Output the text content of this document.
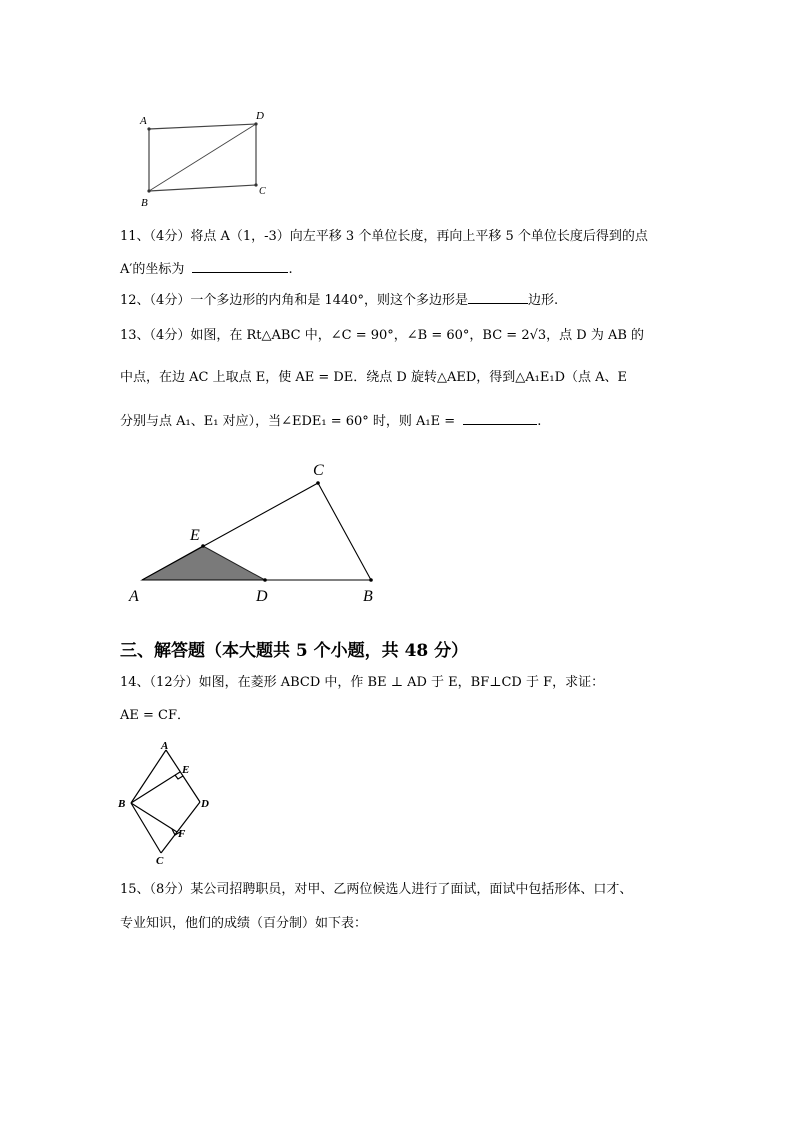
A	D
C
B
11、（4分）将点 A（1，-3）向左平移 3 个单位长度，再向上平移 5 个单位长度后得到的点
A′的坐标为	.
12、（4分）一个多边形的内角和是 1440°，则这个多边形是	边形.
13、（4分）如图，在 Rt△ABC 中，∠C = 90°，∠B = 60°，BC = 2√3，点 D 为 AB 的
中点，在边 AC 上取点 E，使 AE = DE．绕点 D 旋转△AED，得到△A₁E₁D（点 A、E
分别与点 A₁、E₁ 对应），当∠EDE₁ = 60° 时，则 A₁E =	.
C
E
A	D	B
三、解答题（本大题共 5 个小题，共 48 分）
14、（12分）如图，在菱形 ABCD 中，作 BE ⊥ AD 于 E，BF⊥CD 于 F，求证：
AE = CF．
A
E
B	D
F
C
15、（8分）某公司招聘职员，对甲、乙两位候选人进行了面试，面试中包括形体、口才、
专业知识，他们的成绩（百分制）如下表：
